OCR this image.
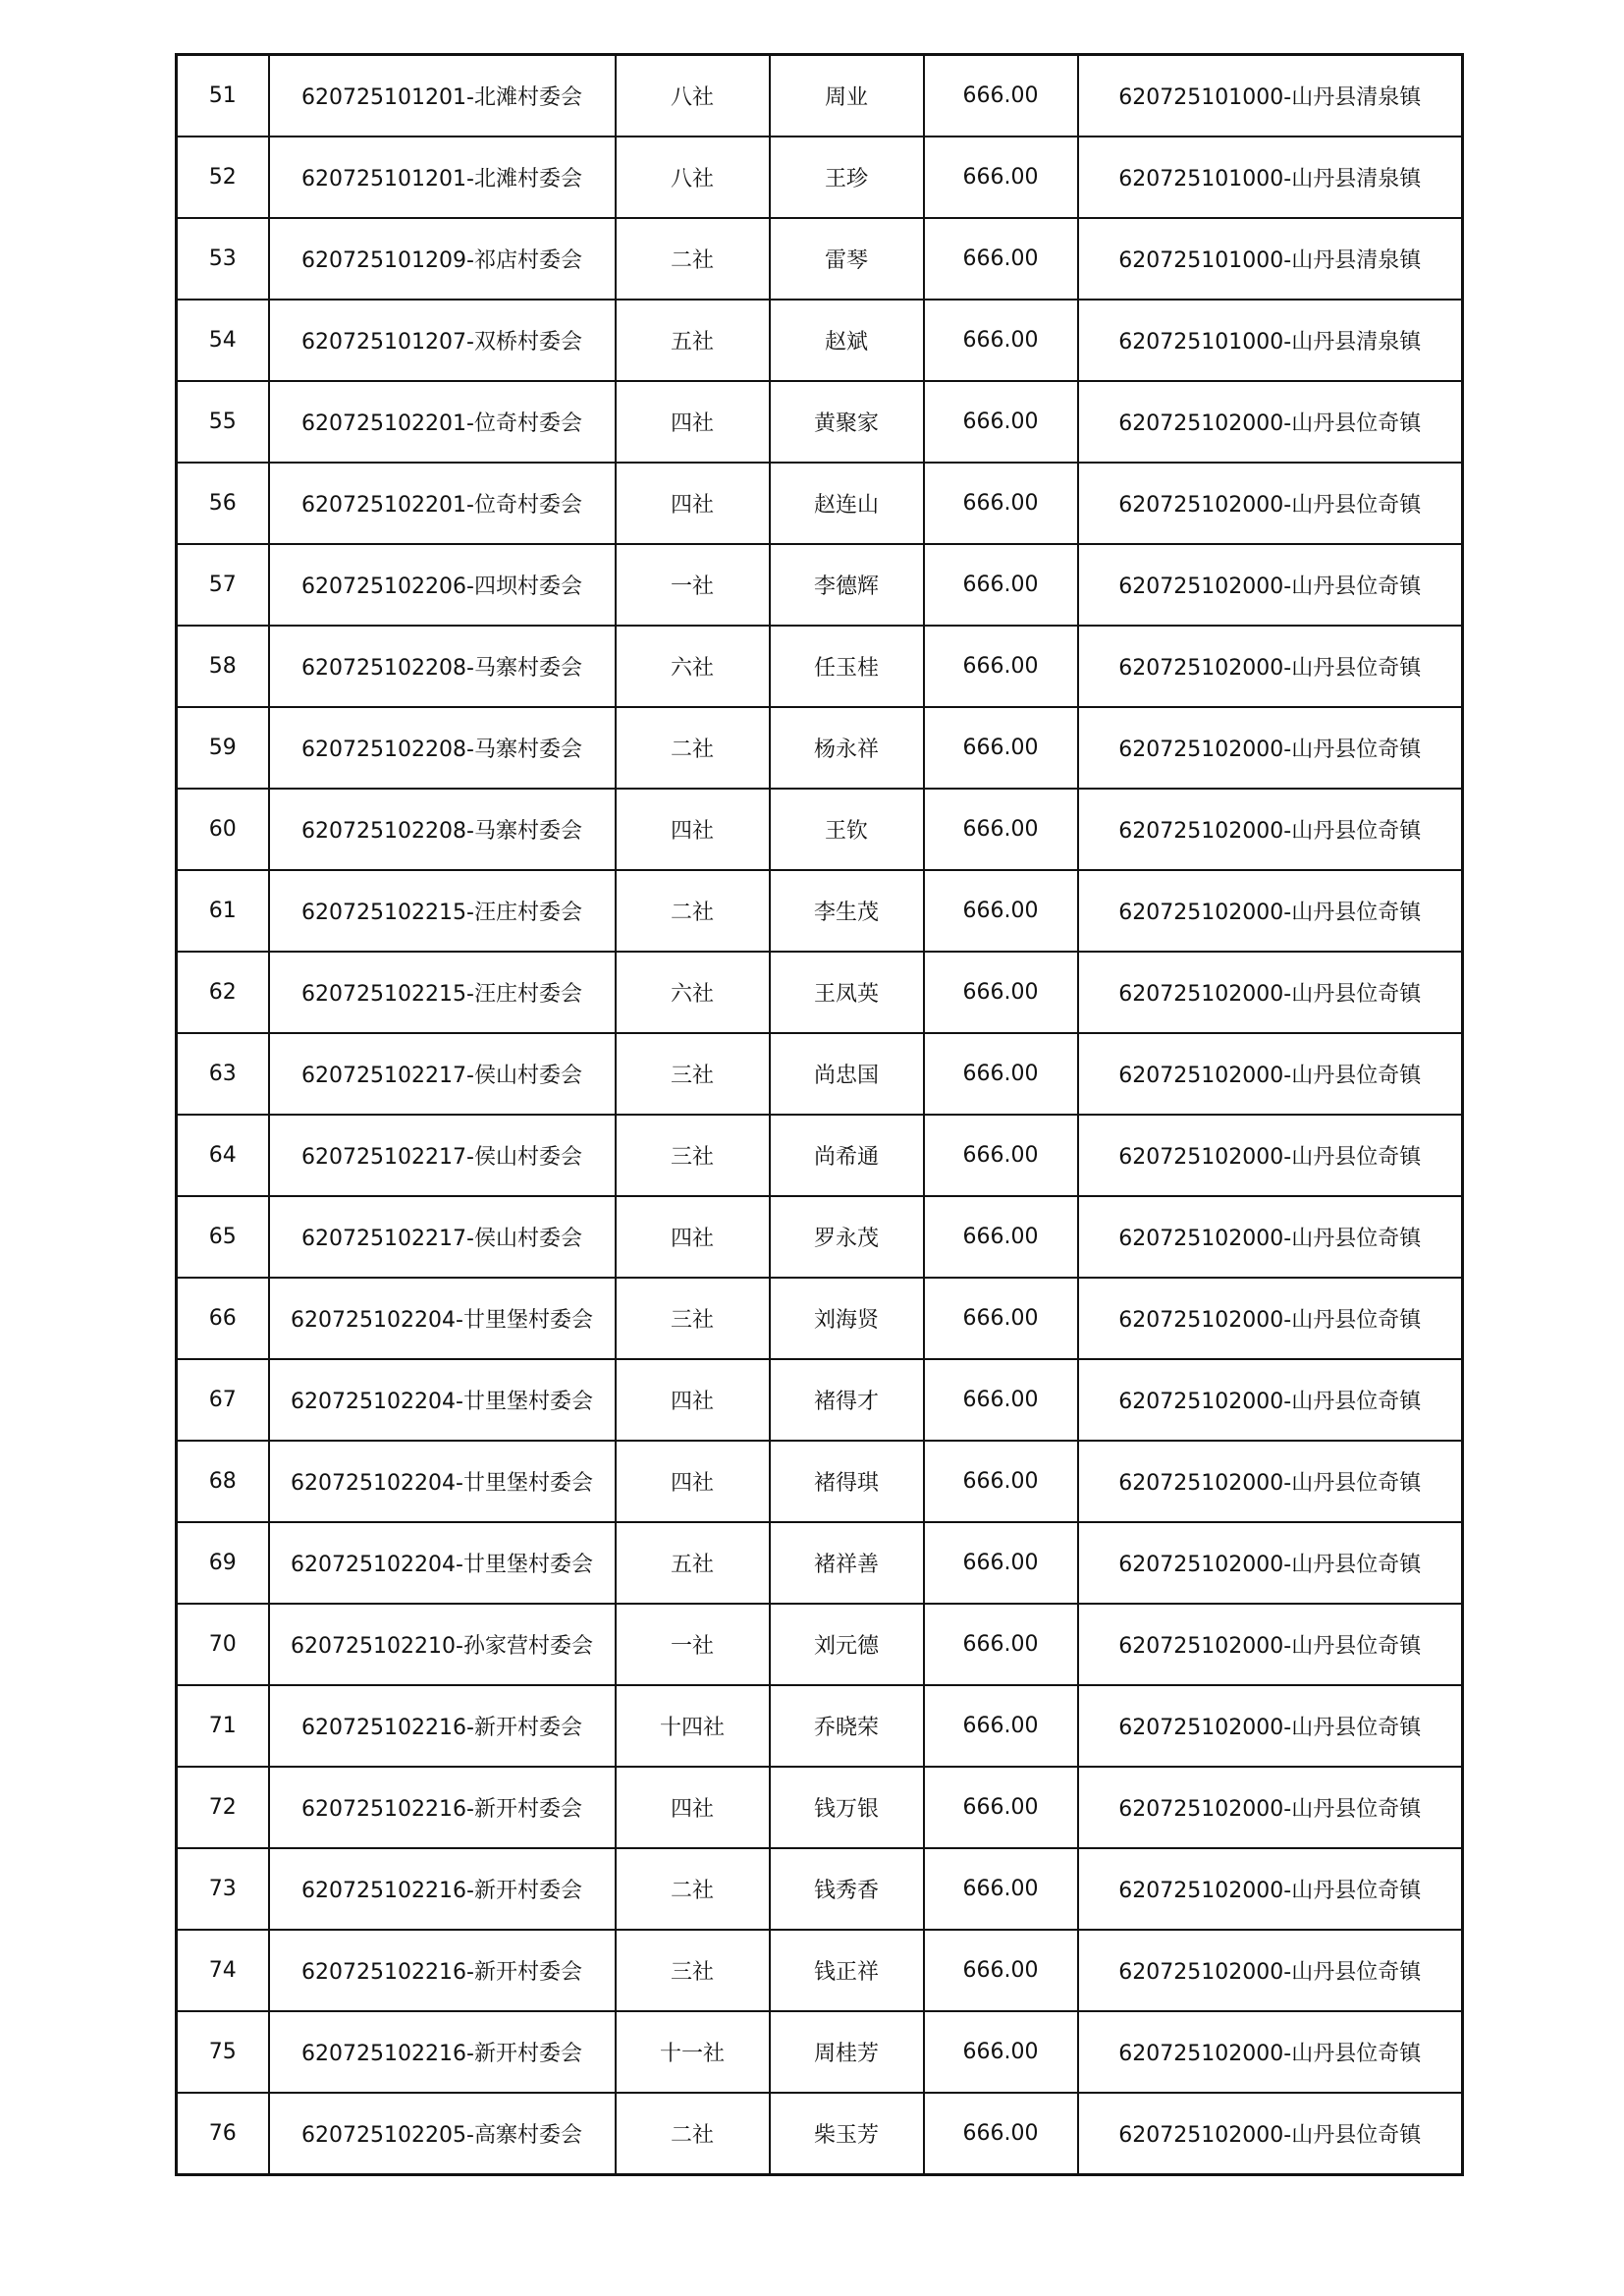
51	620725101201-北滩村委会	八社	周业	666.00	620725101000-山丹县清泉镇
52	620725101201-北滩村委会	八社	王珍	666.00	620725101000-山丹县清泉镇
53	620725101209-祁店村委会	二社	雷琴	666.00	620725101000-山丹县清泉镇
54	620725101207-双桥村委会	五社	赵斌	666.00	620725101000-山丹县清泉镇
55	620725102201-位奇村委会	四社	黄聚家	666.00	620725102000-山丹县位奇镇
56	620725102201-位奇村委会	四社	赵连山	666.00	620725102000-山丹县位奇镇
57	620725102206-四坝村委会	一社	李德辉	666.00	620725102000-山丹县位奇镇
58	620725102208-马寨村委会	六社	任玉桂	666.00	620725102000-山丹县位奇镇
59	620725102208-马寨村委会	二社	杨永祥	666.00	620725102000-山丹县位奇镇
60	620725102208-马寨村委会	四社	王钦	666.00	620725102000-山丹县位奇镇
61	620725102215-汪庄村委会	二社	李生茂	666.00	620725102000-山丹县位奇镇
62	620725102215-汪庄村委会	六社	王凤英	666.00	620725102000-山丹县位奇镇
63	620725102217-侯山村委会	三社	尚忠国	666.00	620725102000-山丹县位奇镇
64	620725102217-侯山村委会	三社	尚希通	666.00	620725102000-山丹县位奇镇
65	620725102217-侯山村委会	四社	罗永茂	666.00	620725102000-山丹县位奇镇
66	620725102204-廿里堡村委会	三社	刘海贤	666.00	620725102000-山丹县位奇镇
67	620725102204-廿里堡村委会	四社	褚得才	666.00	620725102000-山丹县位奇镇
68	620725102204-廿里堡村委会	四社	褚得琪	666.00	620725102000-山丹县位奇镇
69	620725102204-廿里堡村委会	五社	褚祥善	666.00	620725102000-山丹县位奇镇
70	620725102210-孙家营村委会	一社	刘元德	666.00	620725102000-山丹县位奇镇
71	620725102216-新开村委会	十四社	乔晓荣	666.00	620725102000-山丹县位奇镇
72	620725102216-新开村委会	四社	钱万银	666.00	620725102000-山丹县位奇镇
73	620725102216-新开村委会	二社	钱秀香	666.00	620725102000-山丹县位奇镇
74	620725102216-新开村委会	三社	钱正祥	666.00	620725102000-山丹县位奇镇
75	620725102216-新开村委会	十一社	周桂芳	666.00	620725102000-山丹县位奇镇
76	620725102205-高寨村委会	二社	柴玉芳	666.00	620725102000-山丹县位奇镇
